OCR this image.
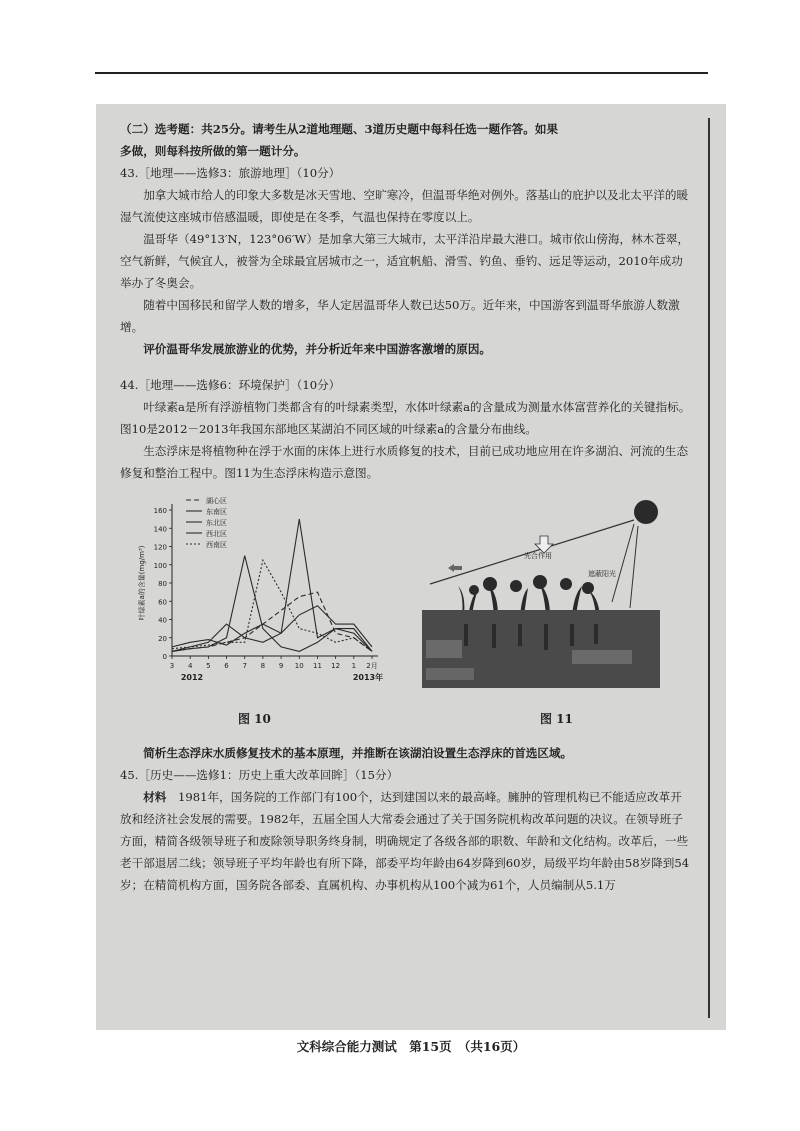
文科综合能力测试　第15页　（共16页）

（二）选考题：共25分。请考生从2道地理题、3道历史题中每科任选一题作答。如果

多做，则每科按所做的第一题计分。

43.［地理——选修3：旅游地理］（10分）

加拿大城市给人的印象大多数是冰天雪地、空旷寒冷，但温哥华绝对例外。落基山的庇护以及北太平洋的暖湿气流使这座城市倍感温暖，即使是在冬季，气温也保持在零度以上。

温哥华（49°13′N，123°06′W）是加拿大第三大城市，太平洋沿岸最大港口。城市依山傍海，林木苍翠，空气新鲜，气候宜人，被誉为全球最宜居城市之一，适宜帆船、滑雪、钓鱼、垂钓、远足等运动，2010年成功举办了冬奥会。

随着中国移民和留学人数的增多，华人定居温哥华人数已达50万。近年来，中国游客到温哥华旅游人数激增。

评价温哥华发展旅游业的优势，并分析近年来中国游客激增的原因。

44.［地理——选修6：环境保护］（10分）

叶绿素a是所有浮游植物门类都含有的叶绿素类型，水体叶绿素a的含量成为测量水体富营养化的关键指标。图10是2012－2013年我国东部地区某湖泊不同区域的叶绿素a的含量分布曲线。

生态浮床是将植物种在浮于水面的床体上进行水质修复的技术，目前已成功地应用在许多湖泊、河流的生态修复和整治工程中。图11为生态浮床构造示意图。

0
20
40
60
80
100
120
140
160
3 4 5 6 7 8 9 10 11 12 1 2月
2012	2013年
叶绿素a的含量(mg/m³)
湖心区
东南区
东北区
西北区
西南区
图 10
光合作用
遮蔽阳光
图 11

简析生态浮床水质修复技术的基本原理，并推断在该湖泊设置生态浮床的首选区域。

45.［历史——选修1：历史上重大改革回眸］（15分）

材料　 1981年，国务院的工作部门有100个，达到建国以来的最高峰。臃肿的管理机构已不能适应改革开放和经济社会发展的需要。1982年，五届全国人大常委会通过了关于国务院机构改革问题的决议。在领导班子方面，精简各级领导班子和废除领导职务终身制，明确规定了各级各部的职数、年龄和文化结构。改革后，一些老干部退居二线；领导班子平均年龄也有所下降，部委平均年龄由64岁降到60岁，局级平均年龄由58岁降到54岁；在精简机构方面，国务院各部委、直属机构、办事机构从100个减为61个，人员编制从5.1万
